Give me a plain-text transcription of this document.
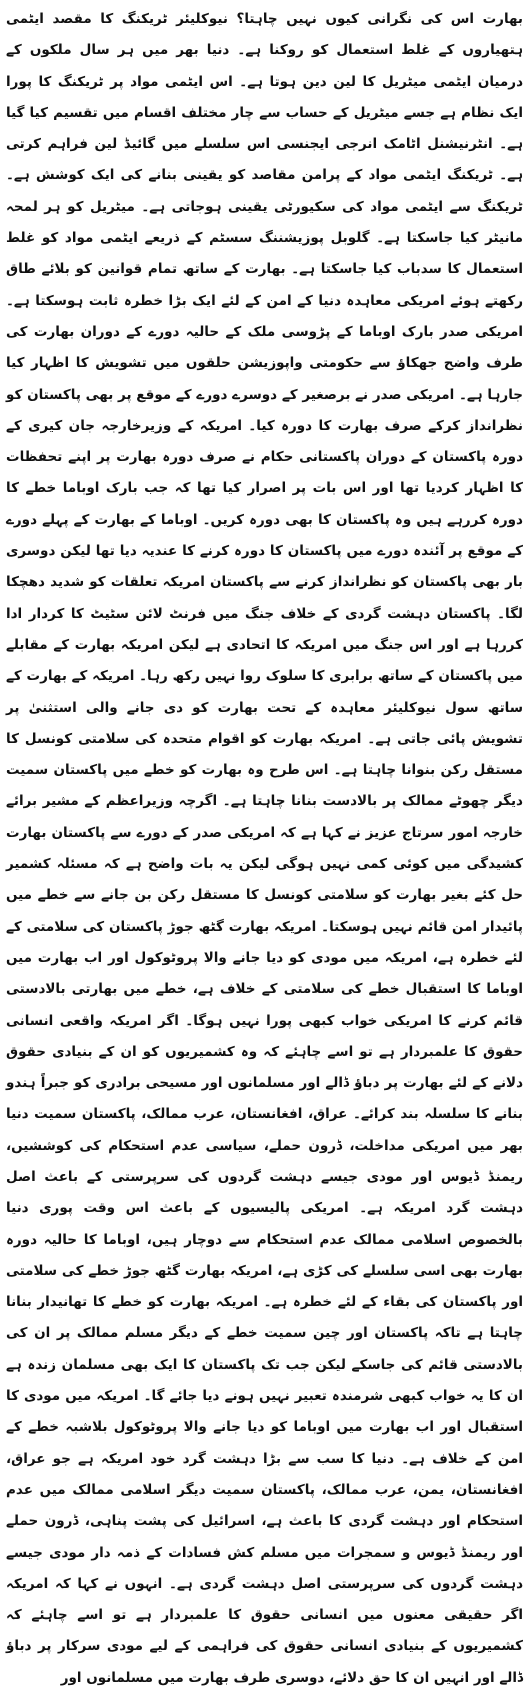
بھارت اس کی نگرانی کیوں نہیں چاہتا؟ نیوکلیئر ٹریکنگ کا مقصد ایٹمی ہتھیاروں کے غلط استعمال کو روکنا ہے۔ دنیا بھر میں ہر سال ملکوں کے درمیان ایٹمی میٹریل کا لین دین ہوتا ہے۔ اس ایٹمی مواد پر ٹریکنگ کا پورا ایک نظام ہے جسے میٹریل کے حساب سے چار مختلف اقسام میں تقسیم کیا گیا ہے۔ انٹرنیشنل اٹامک انرجی ایجنسی اس سلسلے میں گائیڈ لین فراہم کرتی ہے۔ ٹریکنگ ایٹمی مواد کے پرامن مقاصد کو یقینی بنانے کی ایک کوشش ہے۔ ٹریکنگ سے ایٹمی مواد کی سکیورٹی یقینی ہوجاتی ہے۔ میٹریل کو ہر لمحہ مانیٹر کیا جاسکتا ہے۔ گلوبل پوزیشننگ سسٹم کے ذریعے ایٹمی مواد کو غلط استعمال کا سدباب کیا جاسکتا ہے۔ بھارت کے ساتھ تمام قوانین کو بلائے طاق رکھتے ہوئے امریکی معاہدہ دنیا کے امن کے لئے ایک بڑا خطرہ ثابت ہوسکتا ہے۔ امریکی صدر بارک اوباما کے پڑوسی ملک کے حالیہ دورے کے دوران بھارت کی طرف واضح جھکاؤ سے حکومتی واپوزیشن حلقوں میں تشویش کا اظہار کیا جارہا ہے۔ امریکی صدر نے برصغیر کے دوسرے دورے کے موقع پر بھی پاکستان کو نظرانداز کرکے صرف بھارت کا دورہ کیا۔ امریکہ کے وزیرخارجہ جان کیری کے دورہ پاکستان کے دوران پاکستانی حکام نے صرف دورہ بھارت پر اپنے تحفظات کا اظہار کردیا تھا اور اس بات پر اصرار کیا تھا کہ جب بارک اوباما خطے کا دورہ کررہے ہیں وہ پاکستان کا بھی دورہ کریں۔ اوباما کے بھارت کے پہلے دورے کے موقع پر آئندہ دورے میں پاکستان کا دورہ کرنے کا عندیہ دیا تھا لیکن دوسری بار بھی پاکستان کو نظرانداز کرنے سے پاکستان امریکہ تعلقات کو شدید دھچکا لگا۔ پاکستان دہشت گردی کے خلاف جنگ میں فرنٹ لائن سٹیٹ کا کردار ادا کررہا ہے اور اس جنگ میں امریکہ کا اتحادی ہے لیکن امریکہ بھارت کے مقابلے میں پاکستان کے ساتھ برابری کا سلوک روا نہیں رکھ رہا۔ امریکہ کے بھارت کے ساتھ سول نیوکلیئر معاہدہ کے تحت بھارت کو دی جانے والی استثنیٰ پر تشویش پائی جاتی ہے۔ امریکہ بھارت کو اقوام متحدہ کی سلامتی کونسل کا مستقل رکن بنوانا چاہتا ہے۔ اس طرح وہ بھارت کو خطے میں پاکستان سمیت دیگر چھوٹے ممالک پر بالادست بنانا چاہتا ہے۔ اگرچہ وزیراعظم کے مشیر برائے خارجہ امور سرتاج عزیز نے کہا ہے کہ امریکی صدر کے دورے سے پاکستان بھارت کشیدگی میں کوئی کمی نہیں ہوگی لیکن یہ بات واضح ہے کہ مسئلہ کشمیر حل کئے بغیر بھارت کو سلامتی کونسل کا مستقل رکن بن جانے سے خطے میں پائیدار امن قائم نہیں ہوسکتا۔ امریکہ بھارت گٹھ جوڑ پاکستان کی سلامتی کے لئے خطرہ ہے، امریکہ میں مودی کو دیا جانے والا پروٹوکول اور اب بھارت میں اوباما کا استقبال خطے کی سلامتی کے خلاف ہے، خطے میں بھارتی بالادستی قائم کرنے کا امریکی خواب کبھی پورا نہیں ہوگا۔ اگر امریکہ واقعی انسانی حقوق کا علمبردار ہے تو اسے چاہئے کہ وہ کشمیریوں کو ان کے بنیادی حقوق دلانے کے لئے بھارت پر دباؤ ڈالے اور مسلمانوں اور مسیحی برادری کو جبراً ہندو بنانے کا سلسلہ بند کرائے۔ عراق، افغانستان، عرب ممالک، پاکستان سمیت دنیا بھر میں امریکی مداخلت، ڈرون حملے، سیاسی عدم استحکام کی کوششیں، ریمنڈ ڈیوس اور مودی جیسے دہشت گردوں کی سرپرستی کے باعث اصل دہشت گرد امریکہ ہے۔ امریکی پالیسیوں کے باعث اس وقت پوری دنیا بالخصوص اسلامی ممالک عدم استحکام سے دوچار ہیں، اوباما کا حالیہ دورہ بھارت بھی اسی سلسلے کی کڑی ہے، امریکہ بھارت گٹھ جوڑ خطے کی سلامتی اور پاکستان کی بقاء کے لئے خطرہ ہے۔ امریکہ بھارت کو خطے کا تھانیدار بنانا چاہتا ہے تاکہ پاکستان اور چین سمیت خطے کے دیگر مسلم ممالک پر ان کی بالادستی قائم کی جاسکے لیکن جب تک پاکستان کا ایک بھی مسلمان زندہ ہے ان کا یہ خواب کبھی شرمندہ تعبیر نہیں ہونے دیا جائے گا۔ امریکہ میں مودی کا استقبال اور اب بھارت میں اوباما کو دیا جانے والا پروٹوکول بلاشبہ خطے کے امن کے خلاف ہے۔ دنیا کا سب سے بڑا دہشت گرد خود امریکہ ہے جو عراق، افغانستان، یمن، عرب ممالک، پاکستان سمیت دیگر اسلامی ممالک میں عدم استحکام اور دہشت گردی کا باعث ہے، اسرائیل کی پشت پناہی، ڈرون حملے اور ریمنڈ ڈیوس و سمجرات میں مسلم کش فسادات کے ذمہ دار مودی جیسے دہشت گردوں کی سرپرستی اصل دہشت گردی ہے۔ انہوں نے کہا کہ امریکہ اگر حقیقی معنوں میں انسانی حقوق کا علمبردار ہے تو اسے چاہئے کہ کشمیریوں کے بنیادی انسانی حقوق کی فراہمی کے لیے مودی سرکار پر دباؤ ڈالے اور انہیں ان کا حق دلائے، دوسری طرف بھارت میں مسلمانوں اور
